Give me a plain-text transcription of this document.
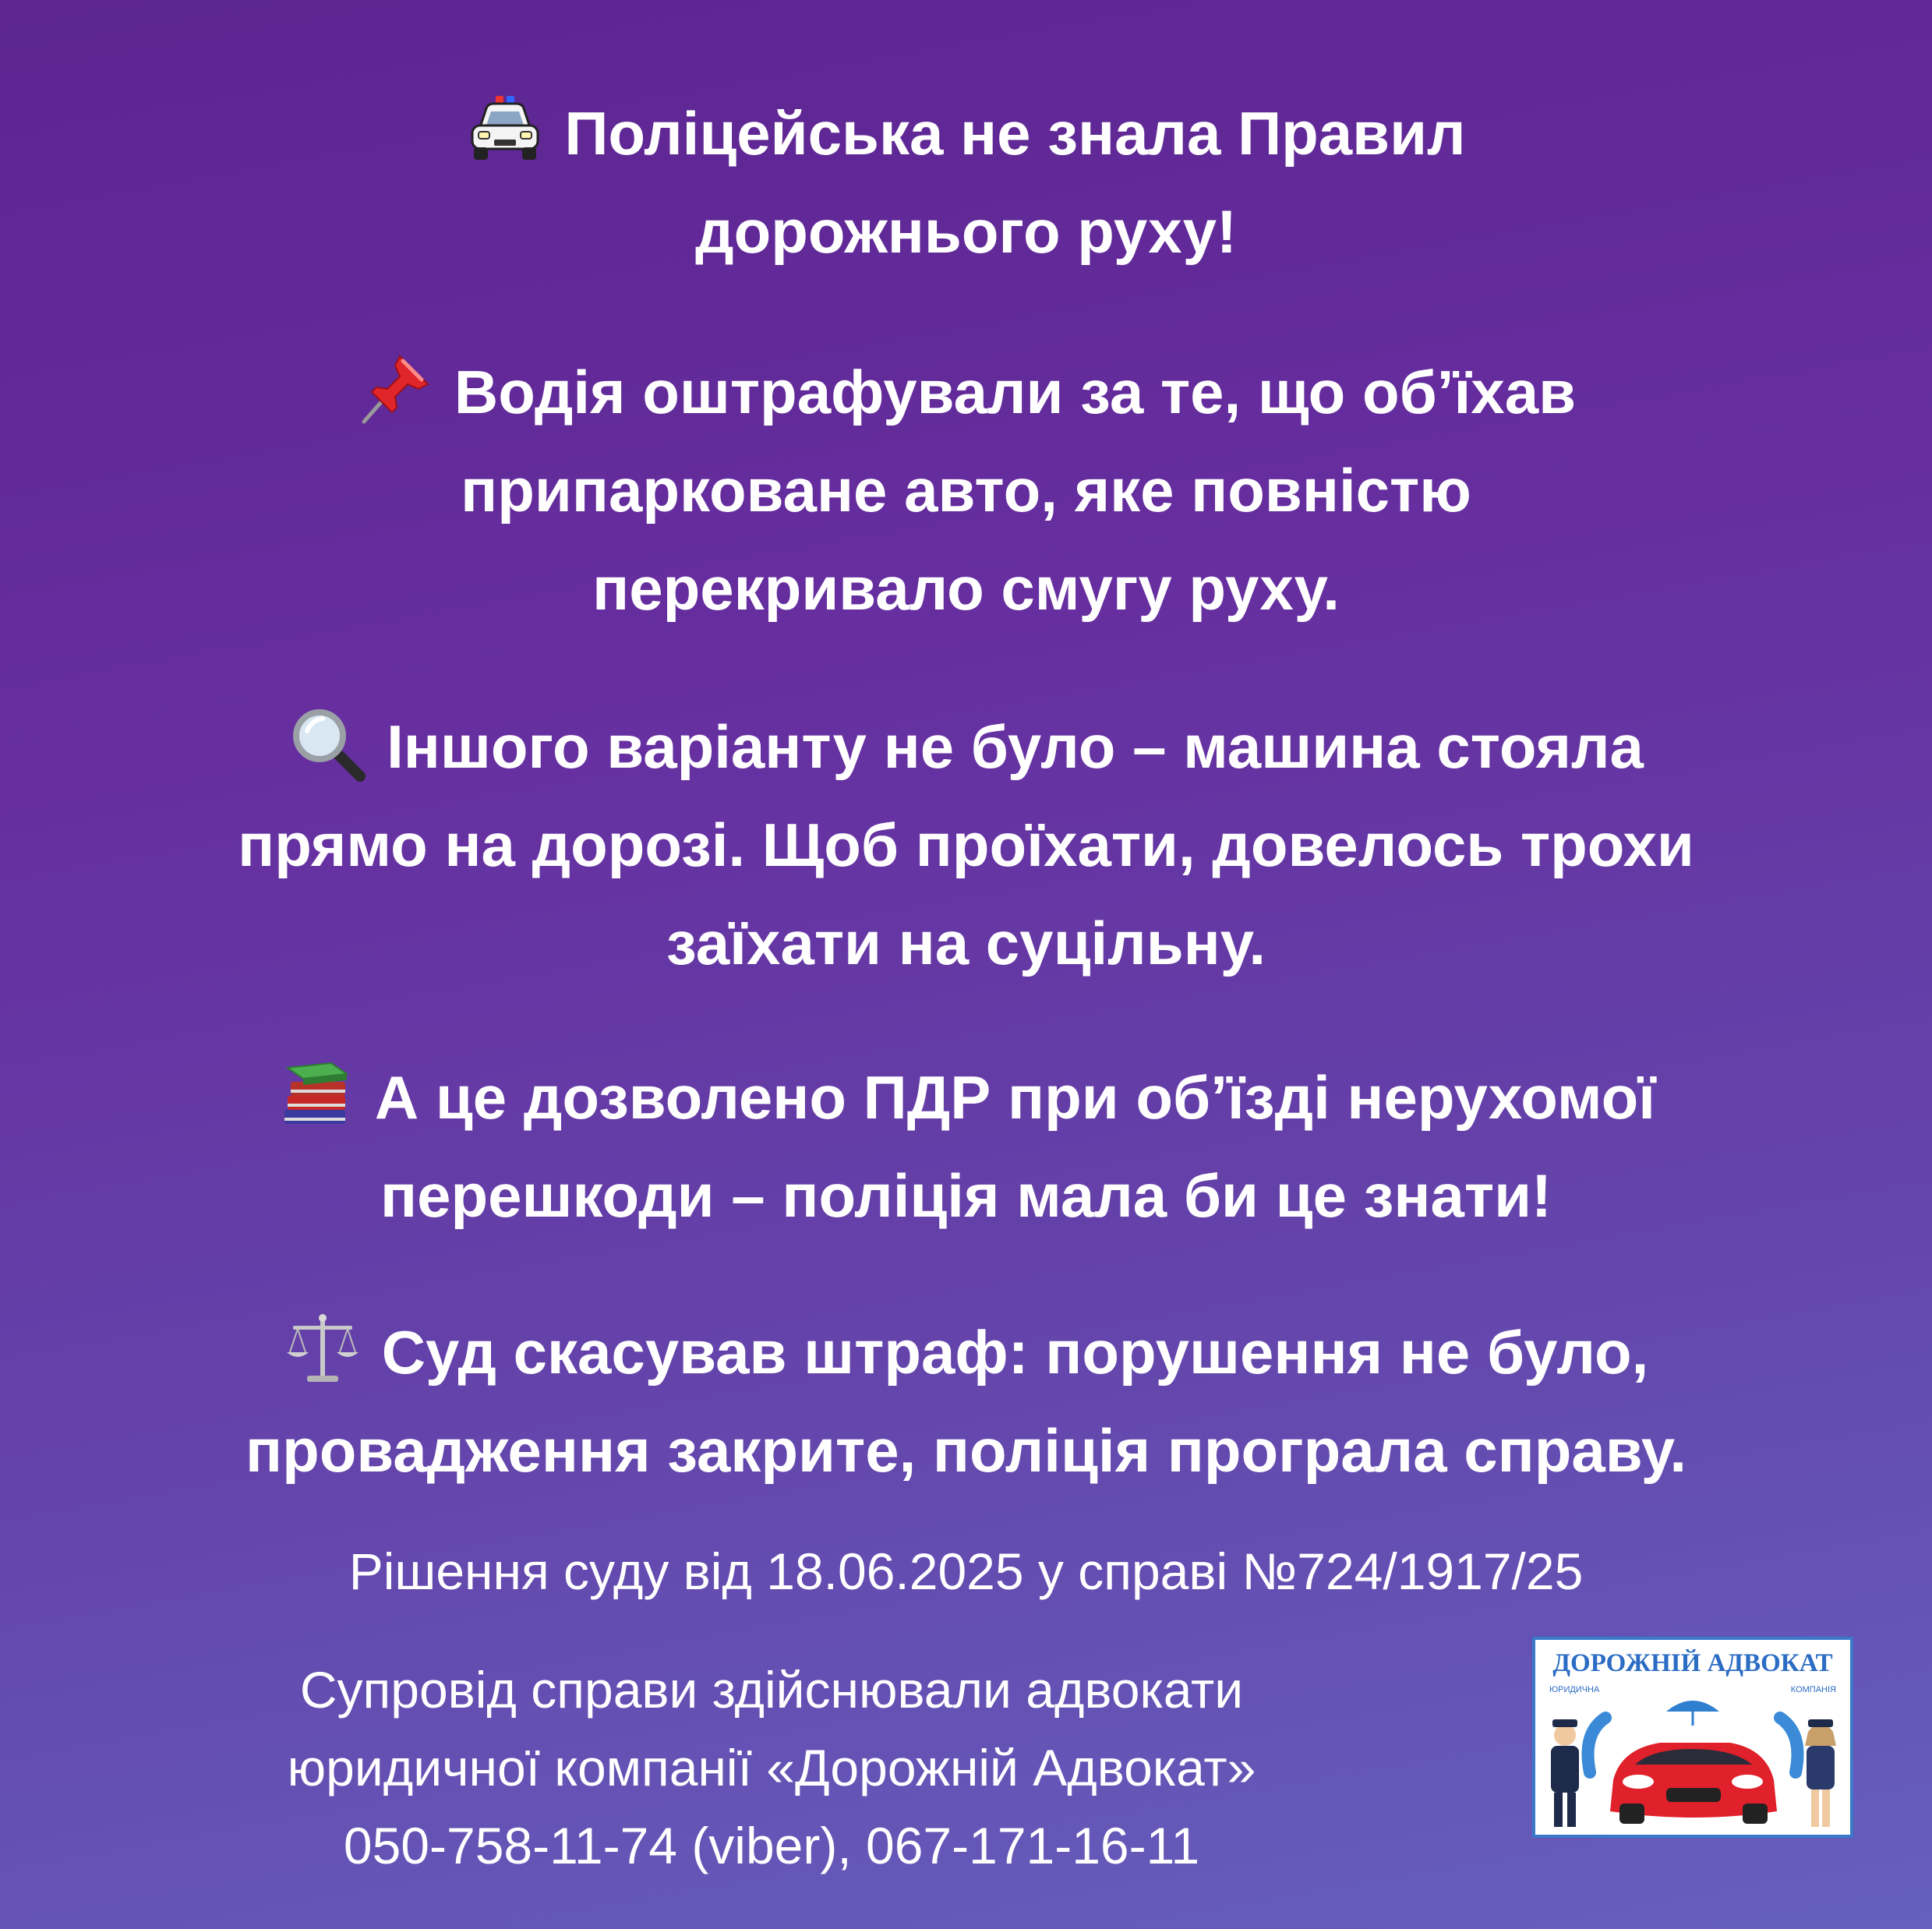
Поліцейська не знала Правил
дорожнього руху!
Водія оштрафували за те, що об’їхав
припарковане авто, яке повністю
перекривало смугу руху.
Іншого варіанту не було – машина стояла
прямо на дорозі. Щоб проїхати, довелось трохи
заїхати на суцільну.
А це дозволено ПДР при об’їзді нерухомої
перешкоди – поліція мала би це знати!
Суд скасував штраф: порушення не було,
провадження закрите, поліція програла справу.
Рішення суду від 18.06.2025 у справі №724/1917/25
Супровід справи здійснювали адвокати
юридичної компанії «Дорожній Адвокат»
050-758-11-74 (viber), 067-171-16-11
ДОРОЖНІЙ АДВОКАТ
ЮРИДИЧНА	КОМПАНІЯ
